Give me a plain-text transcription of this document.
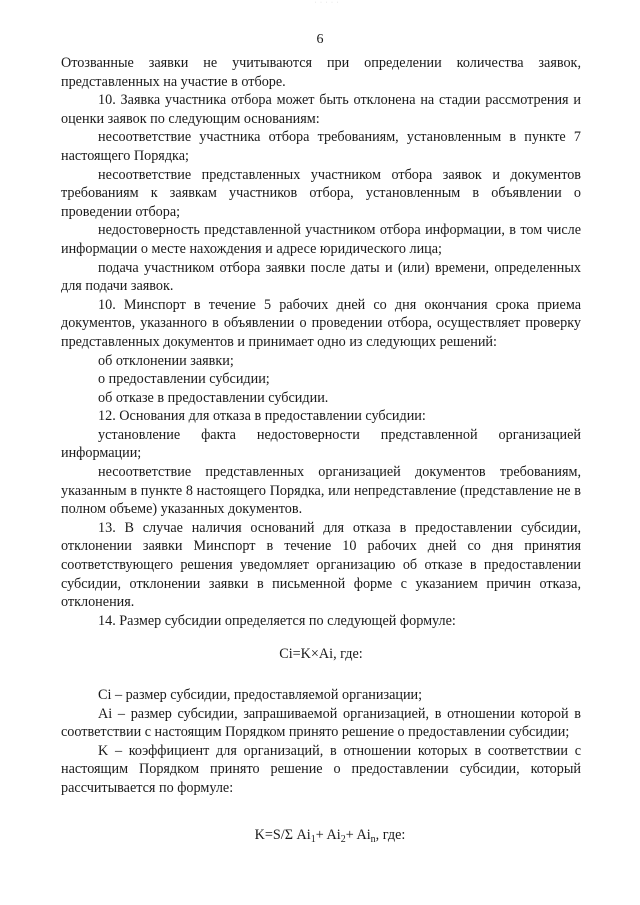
· · · · ·
6

Отозванные заявки не учитываются при определении количества заявок, представленных на участие в отборе.

10. Заявка участника отбора может быть отклонена на стадии рассмотрения и оценки заявок по следующим основаниям:

несоответствие участника отбора требованиям, установленным в пункте 7 настоящего Порядка;

несоответствие представленных участником отбора заявок и документов требованиям к заявкам участников отбора, установленным в объявлении о проведении отбора;

недостоверность представленной участником отбора информации, в том числе информации о месте нахождения и адресе юридического лица;

подача участником отбора заявки после даты и (или) времени, определенных для подачи заявок.

10. Минспорт в течение 5 рабочих дней со дня окончания срока приема документов, указанного в объявлении о проведении отбора, осуществляет проверку представленных документов и принимает одно из следующих решений:

об отклонении заявки;

о предоставлении субсидии;

об отказе в предоставлении субсидии.

12. Основания для отказа в предоставлении субсидии:

установление факта недостоверности представленной организацией информации;

несоответствие представленных организацией документов требованиям, указанным в пункте 8 настоящего Порядка, или непредставление (представление не в полном объеме) указанных документов.

13. В случае наличия оснований для отказа в предоставлении субсидии, отклонении заявки Минспорт в течение 10 рабочих дней со дня принятия соответствующего решения уведомляет организацию об отказе в предоставлении субсидии, отклонении заявки в письменной форме с указанием причин отказа, отклонения.

14. Размер субсидии определяется по следующей формуле:

Ci=K×Ai, где:

Ci – размер субсидии, предоставляемой организации;

Ai – размер субсидии, запрашиваемой организацией, в отношении которой в соответствии с настоящим Порядком принято решение о предоставлении субсидии;

K – коэффициент для организаций, в отношении которых в соответствии с настоящим Порядком принято решение о предоставлении субсидии, который рассчитывается по формуле:

K=S/Σ $Ai_1+ Ai_2+ Ai_n$, где:
